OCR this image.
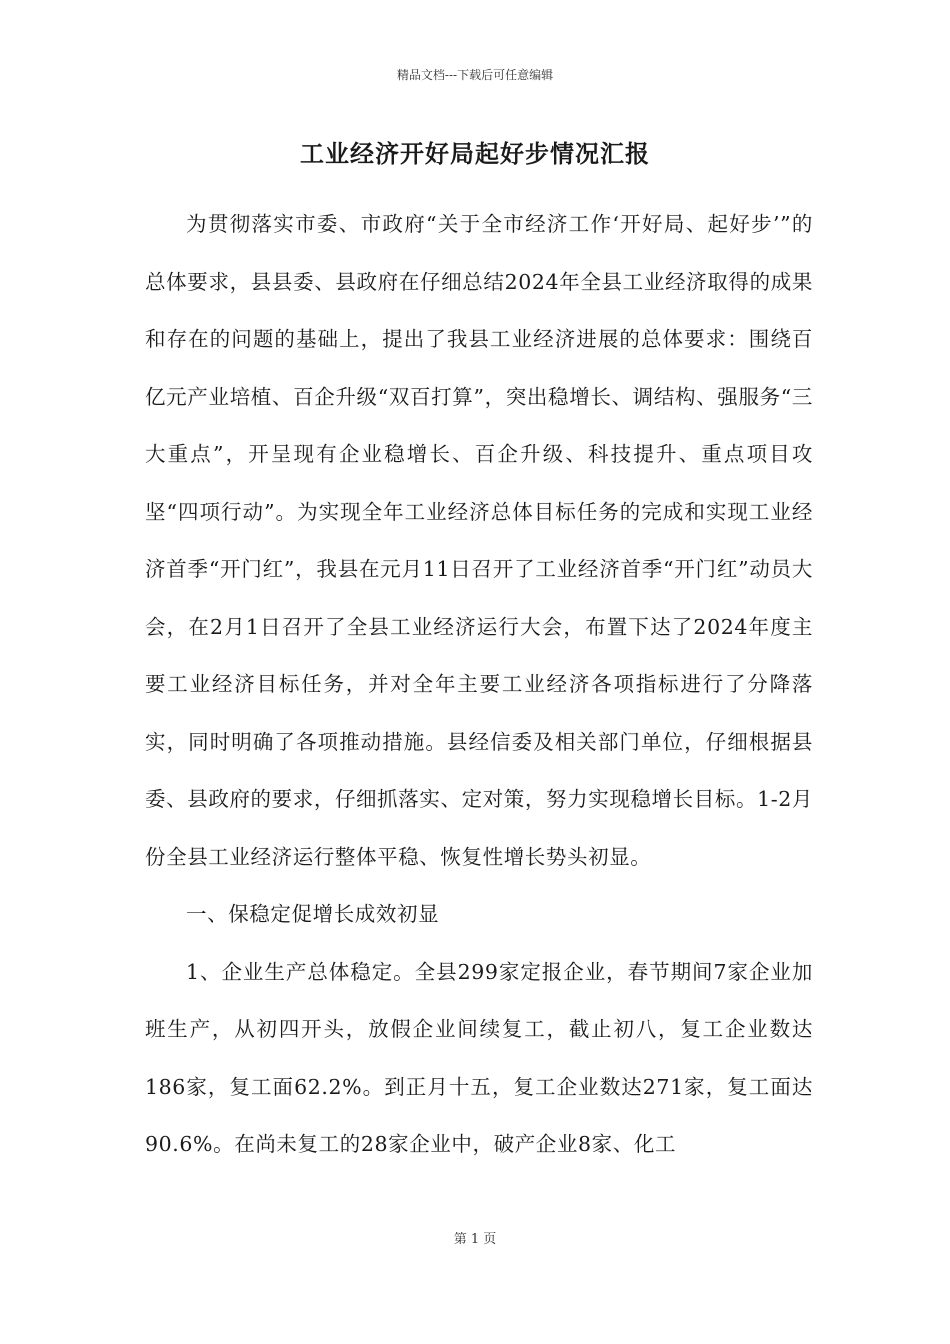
精品文档---下载后可任意编辑
工业经济开好局起好步情况汇报

为贯彻落实市委、市政府“关于全市经济工作‘开好局、起好步’”的总体要求，县县委、县政府在仔细总结2024年全县工业经济取得的成果和存在的问题的基础上，提出了我县工业经济进展的总体要求：围绕百亿元产业培植、百企升级“双百打算”，突出稳增长、调结构、强服务“三大重点”，开呈现有企业稳增长、百企升级、科技提升、重点项目攻坚“四项行动”。为实现全年工业经济总体目标任务的完成和实现工业经济首季“开门红”，我县在元月11日召开了工业经济首季“开门红”动员大会，在2月1日召开了全县工业经济运行大会，布置下达了2024年度主要工业经济目标任务，并对全年主要工业经济各项指标进行了分降落实，同时明确了各项推动措施。县经信委及相关部门单位，仔细根据县委、县政府的要求，仔细抓落实、定对策，努力实现稳增长目标。1-2月份全县工业经济运行整体平稳、恢复性增长势头初显。

一、保稳定促增长成效初显

1、企业生产总体稳定。全县299家定报企业，春节期间7家企业加班生产，从初四开头，放假企业间续复工，截止初八，复工企业数达186家，复工面62.2%。到正月十五，复工企业数达271家，复工面达90.6%。在尚未复工的28家企业中，破产企业8家、化工

第 1 页
